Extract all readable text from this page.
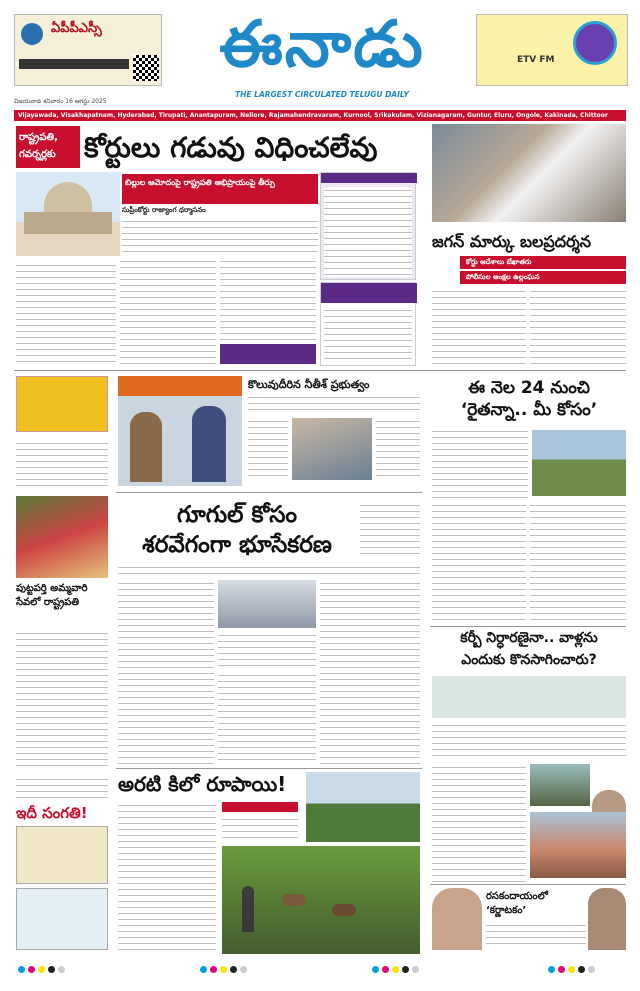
ఏపీపీఎస్సీ	ఈనాడు	ETV FM
THE LARGEST CIRCULATED TELUGU DAILY
విజయవాడ శనివారం 16 ఆగస్టు 2025
Vijayawada, Visakhapatnam, Hyderabad, Tirupati, Anantapuram, Nellore, Rajamahendravaram, Kurnool, Srikakulam, Vizianagaram, Guntur, Eluru, Ongole, Kakinada, Chittoor
రాష్ట్రపతి, గవర్నర్లకు	కోర్టులు గడువు విధించలేవు
బిల్లుల ఆమోదంపై రాష్ట్రపతి అభిప్రాయంపై తీర్పు
సుప్రీంకోర్టు రాజ్యాంగ ధర్మాసనం
జగన్ మార్కు బలప్రదర్శన
కోర్టు ఆదేశాలు బేఖాతరు
పోలీసుల ఆంక్షల ఉల్లంఘన
పుట్టపర్తి అమ్మవారి సేవలో రాష్ట్రపతి
ఇదీ సంగతి!
కొలువుదీరిన నీతీశ్ ప్రభుత్వం	ఈ నెల 24 నుంచి
‘రైతన్నా.. మీ కోసం’
గూగుల్ కోసం
శరవేగంగా భూసేకరణ
కర్బీ నిర్ధారణైనా.. వాళ్లను
ఎందుకు కొనసాగించారు?
అరటి కిలో రూపాయి!
రసకందాయంలో ‘కర్ణాటకం’
